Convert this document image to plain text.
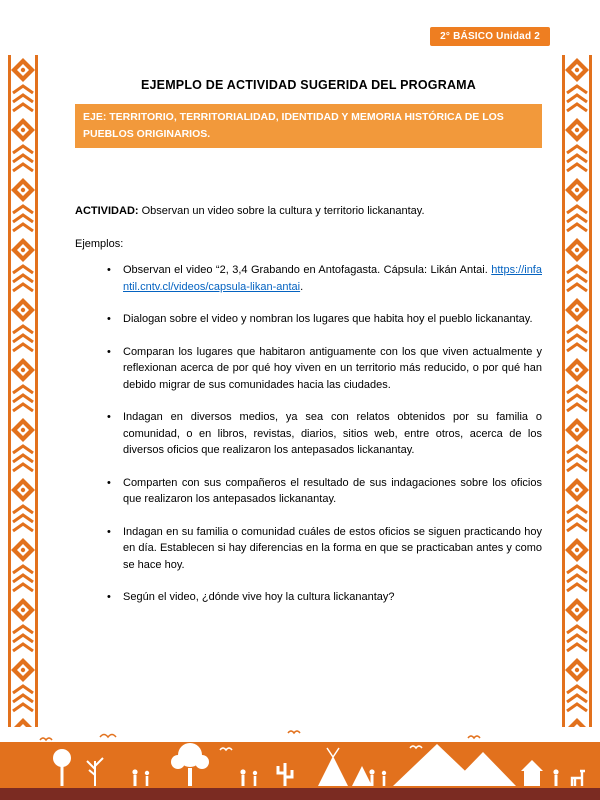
2° BÁSICO Unidad 2
EJEMPLO DE ACTIVIDAD SUGERIDA DEL PROGRAMA
EJE: TERRITORIO, TERRITORIALIDAD, IDENTIDAD Y MEMORIA HISTÓRICA DE LOS PUEBLOS ORIGINARIOS.

ACTIVIDAD: Observan un video sobre la cultura y territorio lickanantay.

Ejemplos:

• Observan el video “2, 3,4 Grabando en Antofagasta. Cápsula: Likán Antai. https://infantil.cntv.cl/videos/capsula-likan-antai.
• Dialogan sobre el video y nombran los lugares que habita hoy el pueblo lickanantay.
• Comparan los lugares que habitaron antiguamente con los que viven actualmente y reflexionan acerca de por qué hoy viven en un territorio más reducido, o por qué han debido migrar de sus comunidades hacia las ciudades.
• Indagan en diversos medios, ya sea con relatos obtenidos por su familia o comunidad, o en libros, revistas, diarios, sitios web, entre otros, acerca de los diversos oficios que realizaron los antepasados lickanantay.
• Comparten con sus compañeros el resultado de sus indagaciones sobre los oficios que realizaron los antepasados lickanantay.
• Indagan en su familia o comunidad cuáles de estos oficios se siguen practicando hoy en día. Establecen si hay diferencias en la forma en que se practicaban antes y como se hace hoy.
• Según el video, ¿dónde vive hoy la cultura lickanantay?
